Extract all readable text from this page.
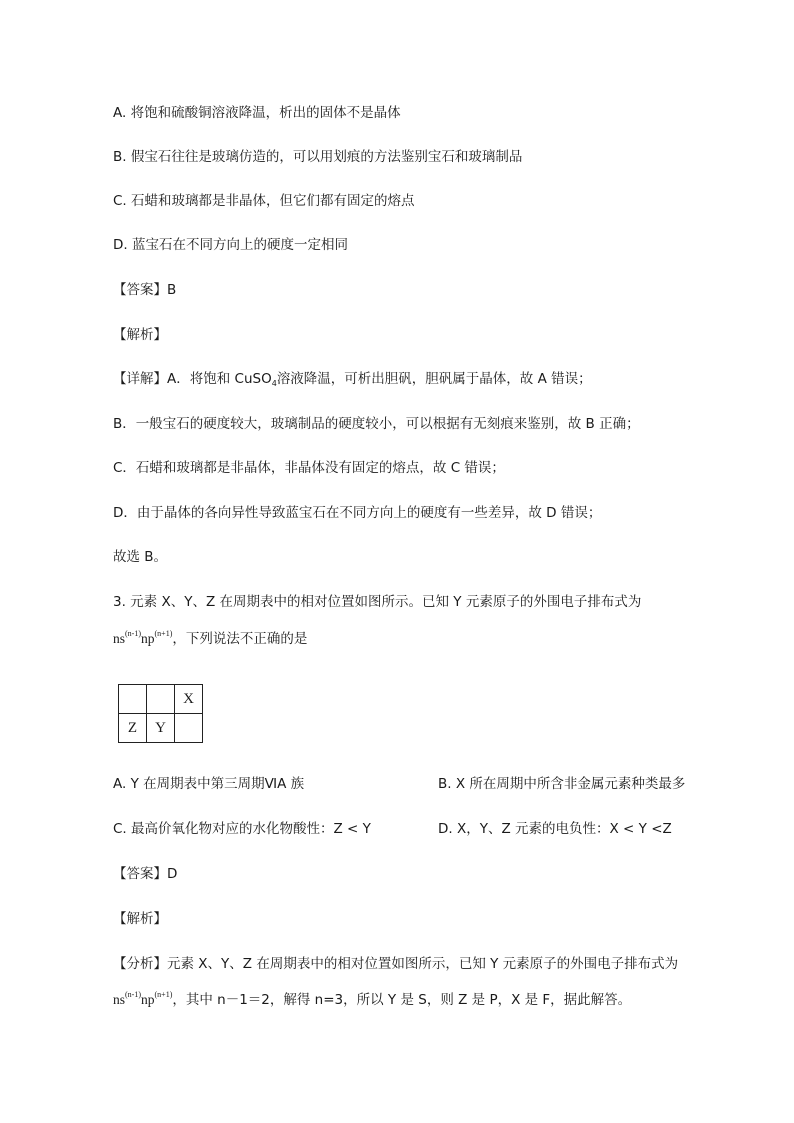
A. 将饱和硫酸铜溶液降温，析出的固体不是晶体
B. 假宝石往往是玻璃仿造的，可以用划痕的方法鉴别宝石和玻璃制品
C. 石蜡和玻璃都是非晶体，但它们都有固定的熔点
D. 蓝宝石在不同方向上的硬度一定相同
【答案】B
【解析】
【详解】A．将饱和 CuSO$_4$溶液降温，可析出胆矾，胆矾属于晶体，故 A 错误；
B．一般宝石的硬度较大，玻璃制品的硬度较小，可以根据有无刻痕来鉴别，故 B 正确；
C．石蜡和玻璃都是非晶体，非晶体没有固定的熔点，故 C 错误；
D．由于晶体的各向异性导致蓝宝石在不同方向上的硬度有一些差异，故 D 错误；
故选 B。
3. 元素 X、Y、Z 在周期表中的相对位置如图所示。已知 Y 元素原子的外围电子排布式为
$ns^{(n-1)}np^{(n+1)}$，下列说法不正确的是
		X
Z	Y	
A. Y 在周期表中第三周期ⅥA 族	B. X 所在周期中所含非金属元素种类最多
C. 最高价氧化物对应的水化物酸性：Z < Y	D. X，Y、Z 元素的电负性：X < Y <Z
【答案】D
【解析】
【分析】元素 X、Y、Z 在周期表中的相对位置如图所示，已知 Y 元素原子的外围电子排布式为
$ns^{(n-1)}np^{(n+1)}$，其中 n－1＝2，解得 n=3，所以 Y 是 S，则 Z 是 P，X 是 F，据此解答。
